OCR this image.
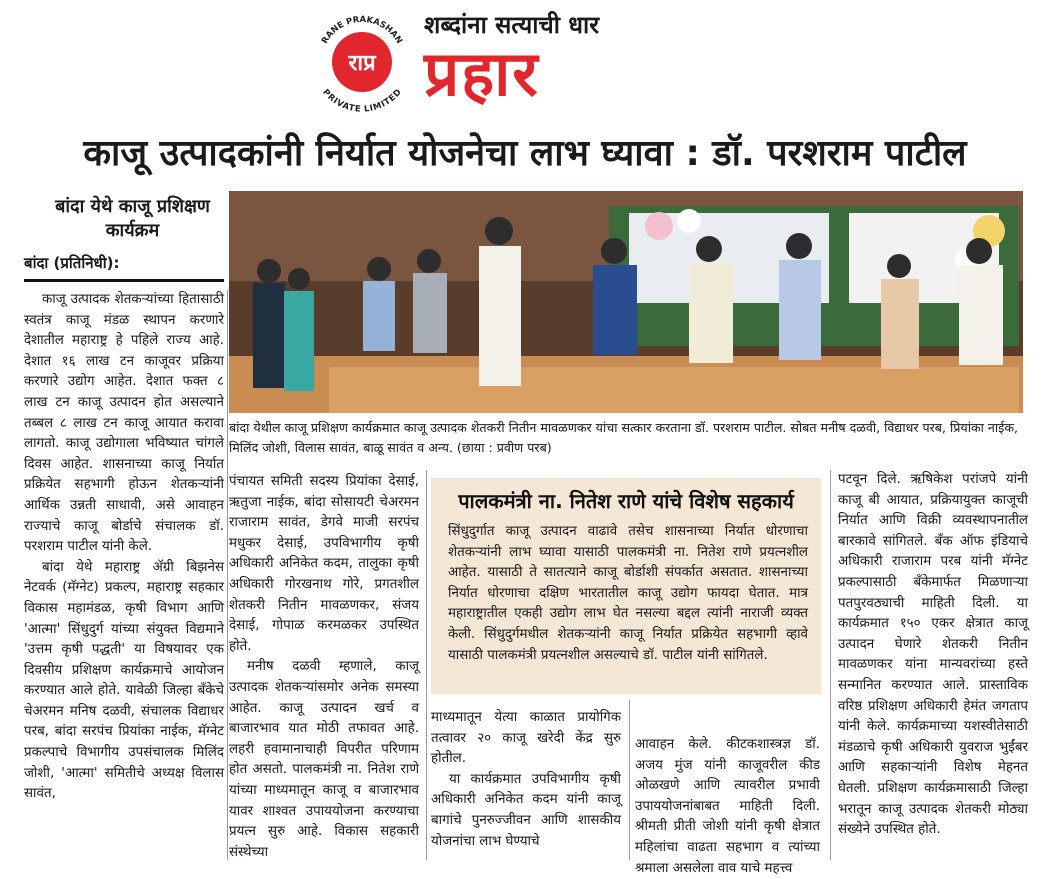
RANE PRAKASHAN
PRIVATE LIMITED
राप्र
शब्दांना सत्याची धार
प्रहार
काजू उत्पादकांनी निर्यात योजनेचा लाभ घ्यावा : डॉ. परशराम पाटील
बांदा येथे काजू प्रशिक्षण कार्यक्रम
बांदा (प्रतिनिधी):
बांदा येथील काजू प्रशिक्षण कार्यक्रमात काजू उत्पादक शेतकरी नितीन मावळणकर यांचा सत्कार करताना डॉ. परशराम पाटील. सोबत मनीष दळवी, विद्याधर परब, प्रियांका नाईक, मिलिंद जोशी, विलास सावंत, बाळू सावंत व अन्य. (छाया : प्रवीण परब)

काजू उत्पादक शेतकऱ्यांच्या हितासाठी स्वतंत्र काजू मंडळ स्थापन करणारे देशातील महाराष्ट्र हे पहिले राज्य आहे. देशात १६ लाख टन काजूवर प्रक्रिया करणारे उद्योग आहेत. देशात फक्त ८ लाख टन काजू उत्पादन होत असल्याने तब्बल ८ लाख टन काजू आयात करावा लागतो. काजू उद्योगाला भविष्यात चांगले दिवस आहेत. शासनाच्या काजू निर्यात प्रक्रियेत सहभागी होऊन शेतकऱ्यांनी आर्थिक उन्नती साधावी, असे आवाहन राज्याचे काजू बोर्डाचे संचालक डॉ. परशराम पाटील यांनी केले.

बांदा येथे महाराष्ट्र ॲग्री बिझनेस नेटवर्क (मॅग्नेट) प्रकल्प, महाराष्ट्र सहकार विकास महामंडळ, कृषी विभाग आणि 'आत्मा' सिंधुदुर्ग यांच्या संयुक्त विद्यमाने 'उत्तम कृषी पद्धती' या विषयावर एक दिवसीय प्रशिक्षण कार्यक्रमाचे आयोजन करण्यात आले होते. यावेळी जिल्हा बँकेचे चेअरमन मनिष दळवी, संचालक विद्याधर परब, बांदा सरपंच प्रियांका नाईक, मॅग्नेट प्रकल्पाचे विभागीय उपसंचालक मिलिंद जोशी, 'आत्मा' समितीचे अध्यक्ष विलास सावंत,

पंचायत समिती सदस्य प्रियांका देसाई, ऋतुजा नाईक, बांदा सोसायटी चेअरमन राजाराम सावंत, डेगवे माजी सरपंच मधुकर देसाई, उपविभागीय कृषी अधिकारी अनिकेत कदम, तालुका कृषी अधिकारी गोरखनाथ गोरे, प्रगतशील शेतकरी नितीन मावळणकर, संजय देसाई, गोपाळ करमळकर उपस्थित होते.

मनीष दळवी म्हणाले, काजू उत्पादक शेतकऱ्यांसमोर अनेक समस्या आहेत. काजू उत्पादन खर्च व बाजारभाव यात मोठी तफावत आहे. लहरी हवामानाचाही विपरीत परिणाम होत असतो. पालकमंत्री ना. नितेश राणे यांच्या माध्यमातून काजू व बाजारभाव यावर शाश्वत उपाययोजना करण्याचा प्रयत्न सुरु आहे. विकास सहकारी संस्थेच्या

पालकमंत्री ना. नितेश राणे यांचे विशेष सहकार्य
सिंधुदुर्गात काजू उत्पादन वाढावे तसेच शासनाच्या निर्यात धोरणाचा शेतकऱ्यांनी लाभ घ्यावा यासाठी पालकमंत्री ना. नितेश राणे प्रयत्नशील आहेत. यासाठी ते सातत्याने काजू बोर्डाशी संपर्कात असतात. शासनाच्या निर्यात धोरणाचा दक्षिण भारतातील काजू उद्योग फायदा घेतात. मात्र महाराष्ट्रातील एकही उद्योग लाभ घेत नसल्या बद्दल त्यांनी नाराजी व्यक्त केली. सिंधुदुर्गमधील शेतकऱ्यांनी काजू निर्यात प्रक्रियेत सहभागी व्हावे यासाठी पालकमंत्री प्रयत्नशील असल्याचे डॉ. पाटील यांनी सांगितले.

माध्यमातून येत्या काळात प्रायोगिक तत्वावर २० काजू खरेदी केंद्र सुरु होतील.

या कार्यक्रमात उपविभागीय कृषी अधिकारी अनिकेत कदम यांनी काजू बागांचे पुनरुज्जीवन आणि शासकीय योजनांचा लाभ घेण्याचे

आवाहन केले. कीटकशास्त्रज्ञ डॉ. अजय मुंज यांनी काजूवरील कीड ओळखणे आणि त्यावरील प्रभावी उपाययोजनांबाबत माहिती दिली. श्रीमती प्रीती जोशी यांनी कृषी क्षेत्रात महिलांचा वाढता सहभाग व त्यांच्या श्रमाला असलेला वाव याचे महत्त्व

पटवून दिले. ऋषिकेश परांजपे यांनी काजू बी आयात, प्रक्रियायुक्त काजूची निर्यात आणि विक्री व्यवस्थापनातील बारकावे सांगितले. बँक ऑफ इंडियाचे अधिकारी राजाराम परब यांनी मॅग्नेट प्रकल्पासाठी बँकेमार्फत मिळणाऱ्या पतपुरवठ्याची माहिती दिली. या कार्यक्रमात १५० एकर क्षेत्रात काजू उत्पादन घेणारे शेतकरी नितीन मावळणकर यांना मान्यवरांच्या हस्ते सन्मानित करण्यात आले. प्रास्ताविक वरिष्ठ प्रशिक्षण अधिकारी हेमंत जगताप यांनी केले. कार्यक्रमाच्या यशस्वीतेसाठी मंडळाचे कृषी अधिकारी युवराज भुईंबर आणि सहकाऱ्यांनी विशेष मेहनत घेतली. प्रशिक्षण कार्यक्रमासाठी जिल्हा भरातून काजू उत्पादक शेतकरी मोठ्या संख्येने उपस्थित होते.
